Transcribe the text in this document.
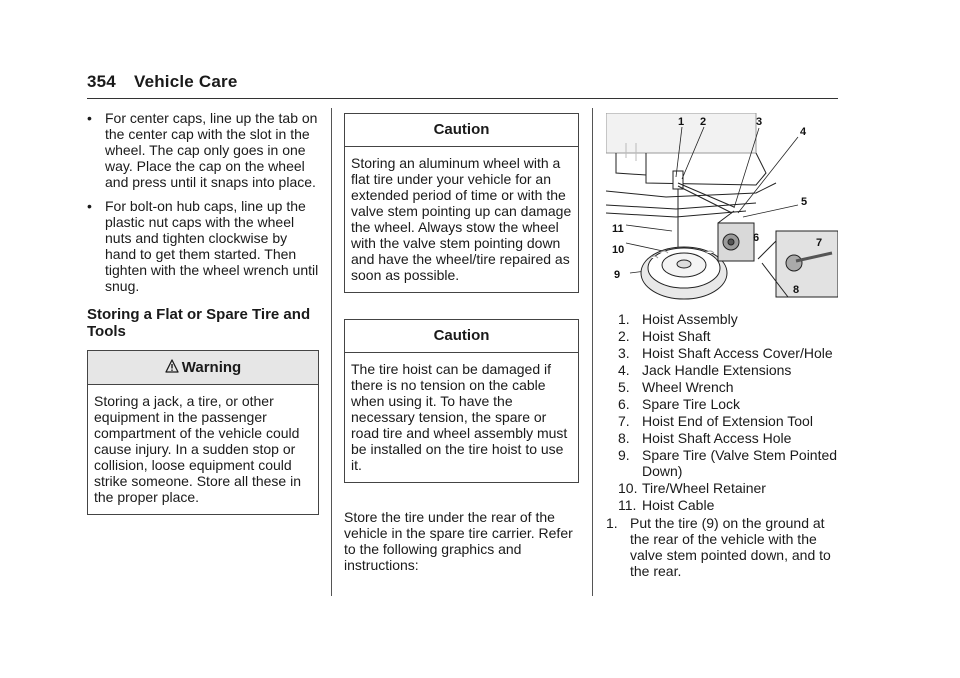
354 Vehicle Care
• For center caps, line up the tab on the center cap with the slot in the wheel. The cap only goes in one way. Place the cap on the wheel and press until it snaps into place.
• For bolt-on hub caps, line up the plastic nut caps with the wheel nuts and tighten clockwise by hand to get them started. Then tighten with the wheel wrench until snug.
Storing a Flat or Spare Tire and Tools
Warning
Storing a jack, a tire, or other equipment in the passenger compartment of the vehicle could cause injury. In a sudden stop or collision, loose equipment could strike someone. Store all these in the proper place.
Caution
Storing an aluminum wheel with a flat tire under your vehicle for an extended period of time or with the valve stem pointing up can damage the wheel. Always stow the wheel with the valve stem pointing down and have the wheel/tire repaired as soon as possible.
Caution
The tire hoist can be damaged if there is no tension on the cable when using it. To have the necessary tension, the spare or road tire and wheel assembly must be installed on the tire hoist to use it.
Store the tire under the rear of the vehicle in the spare tire carrier. Refer to the following graphics and instructions:
1 2	3
4
5
6	7
8
9
10
11
1. Hoist Assembly
2. Hoist Shaft
3. Hoist Shaft Access Cover/Hole
4. Jack Handle Extensions
5. Wheel Wrench
6. Spare Tire Lock
7. Hoist End of Extension Tool
8. Hoist Shaft Access Hole
9. Spare Tire (Valve Stem Pointed Down)
10. Tire/Wheel Retainer
11. Hoist Cable
1. Put the tire (9) on the ground at the rear of the vehicle with the valve stem pointed down, and to the rear.
